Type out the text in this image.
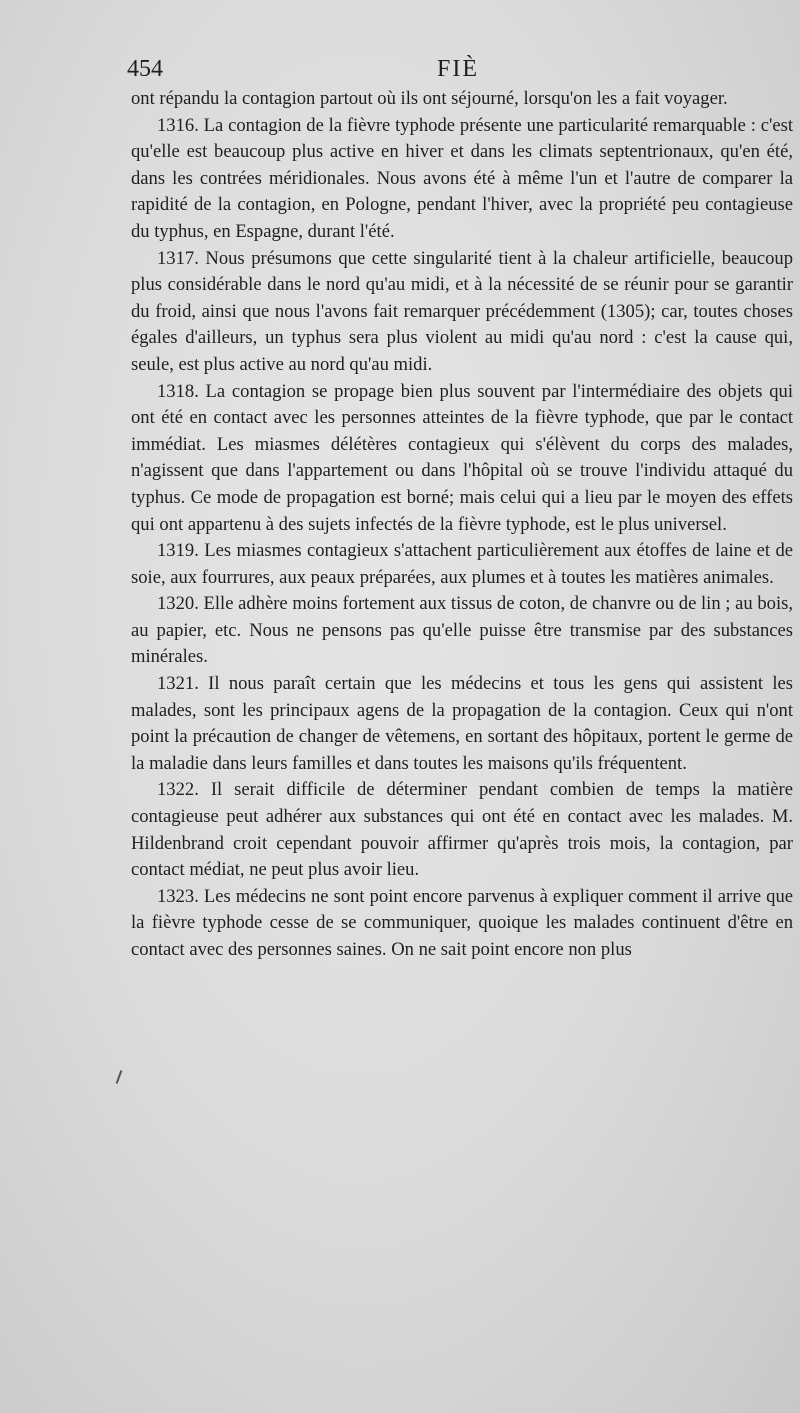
454	FIÈ

ont répandu la contagion partout où ils ont séjourné, lorsqu'on les a fait voyager.

1316. La contagion de la fièvre typhode présente une particularité remarquable : c'est qu'elle est beaucoup plus active en hiver et dans les climats septentrionaux, qu'en été, dans les contrées méridionales. Nous avons été à même l'un et l'autre de comparer la rapidité de la contagion, en Pologne, pendant l'hiver, avec la propriété peu contagieuse du typhus, en Espagne, durant l'été.

1317. Nous présumons que cette singularité tient à la chaleur artificielle, beaucoup plus considérable dans le nord qu'au midi, et à la nécessité de se réunir pour se garantir du froid, ainsi que nous l'avons fait remarquer précédemment (1305); car, toutes choses égales d'ailleurs, un typhus sera plus violent au midi qu'au nord : c'est la cause qui, seule, est plus active au nord qu'au midi.

1318. La contagion se propage bien plus souvent par l'intermédiaire des objets qui ont été en contact avec les personnes atteintes de la fièvre typhode, que par le contact immédiat. Les miasmes délétères contagieux qui s'élèvent du corps des malades, n'agissent que dans l'appartement ou dans l'hôpital où se trouve l'individu attaqué du typhus. Ce mode de propagation est borné; mais celui qui a lieu par le moyen des effets qui ont appartenu à des sujets infectés de la fièvre typhode, est le plus universel.

1319. Les miasmes contagieux s'attachent particulièrement aux étoffes de laine et de soie, aux fourrures, aux peaux préparées, aux plumes et à toutes les matières animales.

1320. Elle adhère moins fortement aux tissus de coton, de chanvre ou de lin ; au bois, au papier, etc. Nous ne pensons pas qu'elle puisse être transmise par des substances minérales.

1321. Il nous paraît certain que les médecins et tous les gens qui assistent les malades, sont les principaux agens de la propagation de la contagion. Ceux qui n'ont point la précaution de changer de vêtemens, en sortant des hôpitaux, portent le germe de la maladie dans leurs familles et dans toutes les maisons qu'ils fréquentent.

1322. Il serait difficile de déterminer pendant combien de temps la matière contagieuse peut adhérer aux substances qui ont été en contact avec les malades. M. Hildenbrand croit cependant pouvoir affirmer qu'après trois mois, la contagion, par contact médiat, ne peut plus avoir lieu.

1323. Les médecins ne sont point encore parvenus à expliquer comment il arrive que la fièvre typhode cesse de se communiquer, quoique les malades continuent d'être en contact avec des personnes saines. On ne sait point encore non plus
